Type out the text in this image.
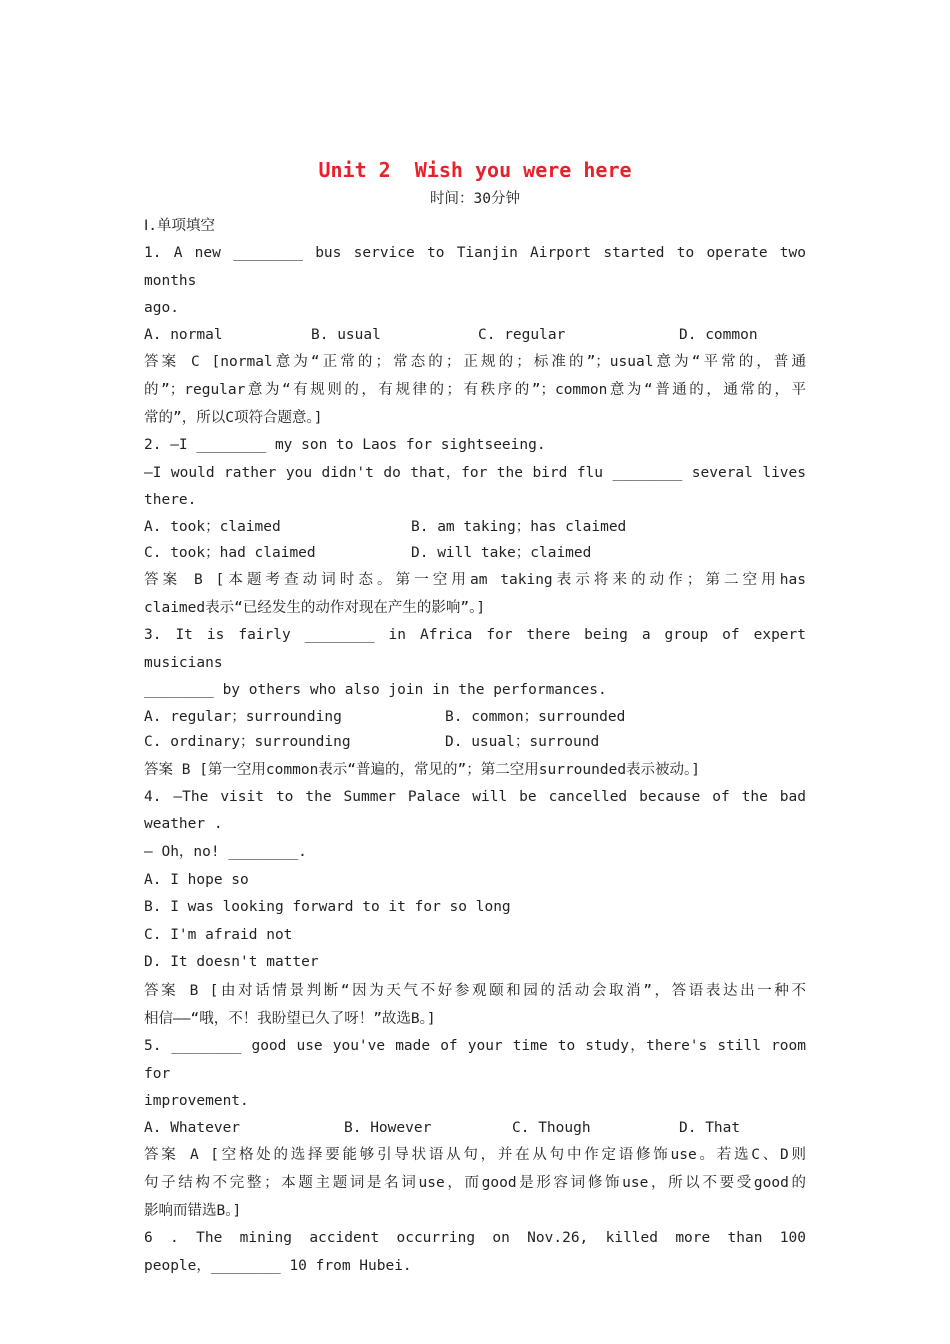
Unit 2  Wish you were here

时间：30分钟

Ⅰ.单项填空

1. A new ________ bus service to Tianjin Airport started to operate two months

ago.

A. normal	B. usual	C. regular	D. common

答案 C [normal意为“正常的；常态的；正规的；标准的”；usual意为“平常的，普通

的”；regular意为“有规则的，有规律的；有秩序的”；common意为“普通的，通常的，平

常的”，所以C项符合题意。]

2. —I ________ my son to Laos for sightseeing.

—I would rather you didn't do that，for the bird flu ________ several lives

there.

A. took；claimed	B. am taking；has claimed
C. took；had claimed	D. will take；claimed

答案 B [本题考查动词时态。第一空用am taking表示将来的动作；第二空用has

claimed表示“已经发生的动作对现在产生的影响”。]

3. It is fairly ________ in Africa for there being a group of expert musicians

________ by others who also join in the performances.

A. regular；surrounding	B. common；surrounded
C. ordinary；surrounding	D. usual；surround

答案 B [第一空用common表示“普遍的，常见的”；第二空用surrounded表示被动。]

4. —The visit to the Summer Palace will be cancelled because of the bad

weather .

— Oh，no! ________.

A. I hope so

B. I was looking forward to it for so long

C. I'm afraid not

D. It doesn't matter

答案 B [由对话情景判断“因为天气不好参观颐和园的活动会取消”，答语表达出一种不

相信——“哦，不！我盼望已久了呀！”故选B。]

5. ________ good use you've made of your time to study，there's still room for

improvement.

A. Whatever	B. However	C. Though	D. That

答案 A [空格处的选择要能够引导状语从句，并在从句中作定语修饰use。若选C、D则

句子结构不完整；本题主题词是名词use，而good是形容词修饰use，所以不要受good的

影响而错选B。]

6 . The mining accident occurring on Nov.26, killed more than 100

people，________ 10 from Hubei.
